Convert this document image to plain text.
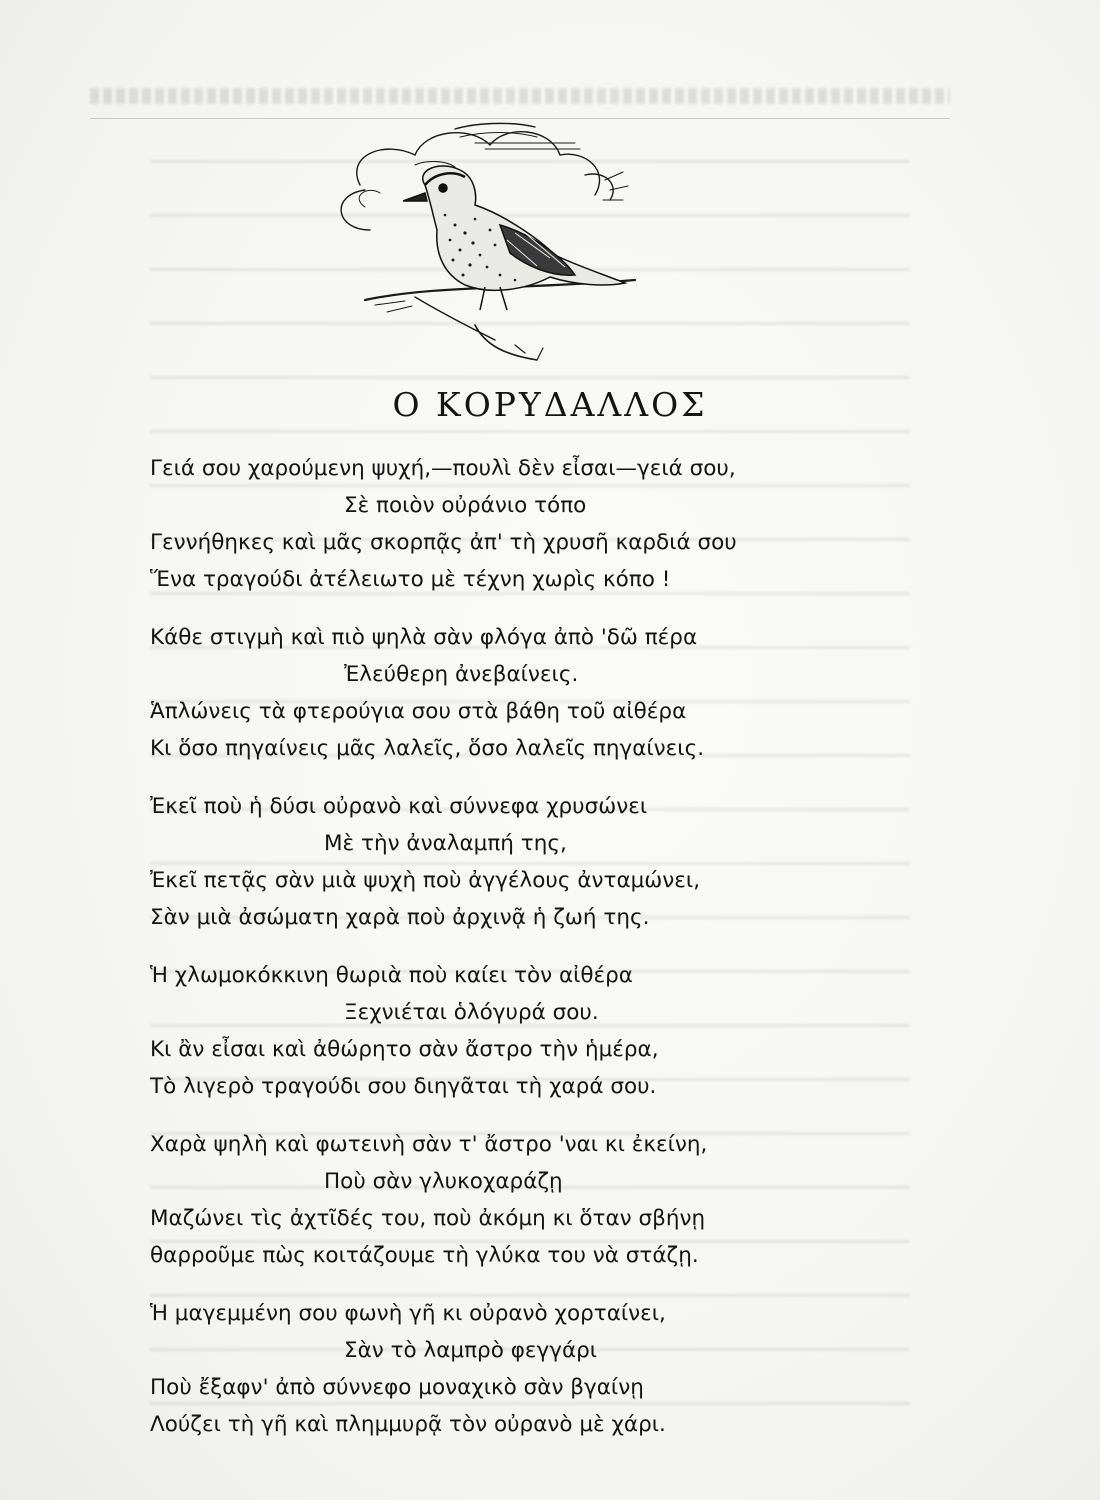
Ο ΚΟΡΥΔΑΛΛΟΣ
Γειά σου χαρούμενη ψυχή,—πουλὶ δὲν εἶσαι—γειά σου,
Σὲ ποιὸν οὐράνιο τόπο
Γεννήθηκες καὶ μᾶς σκορπᾷς ἀπ' τὴ χρυσῆ καρδιά σου
Ἕνα τραγούδι ἀτέλειωτο μὲ τέχνη χωρὶς κόπο !
Κάθε στιγμὴ καὶ πιὸ ψηλὰ σὰν φλόγα ἀπὸ 'δῶ πέρα
Ἐλεύθερη ἀνεβαίνεις.
Ἁπλώνεις τὰ φτερούγια σου στὰ βάθη τοῦ αἰθέρα
Κι ὅσο πηγαίνεις μᾶς λαλεῖς, ὅσο λαλεῖς πηγαίνεις.
Ἐκεῖ ποὺ ἡ δύσι οὐρανὸ καὶ σύννεφα χρυσώνει
Μὲ τὴν ἀναλαμπή της,
Ἐκεῖ πετᾷς σὰν μιὰ ψυχὴ ποὺ ἀγγέλους ἀνταμώνει,
Σὰν μιὰ ἀσώματη χαρὰ ποὺ ἀρχινᾷ ἡ ζωή της.
Ἡ χλωμοκόκκινη θωριὰ ποὺ καίει τὸν αἰθέρα
Ξεχνιέται ὁλόγυρά σου.
Κι ἂν εἶσαι καὶ ἀθώρητο σὰν ἄστρο τὴν ἡμέρα,
Τὸ λιγερὸ τραγούδι σου διηγᾶται τὴ χαρά σου.
Χαρὰ ψηλὴ καὶ φωτεινὴ σὰν τ' ἄστρο 'ναι κι ἐκείνη,
Ποὺ σὰν γλυκοχαράζῃ
Μαζώνει τὶς ἀχτῖδές του, ποὺ ἀκόμη κι ὅταν σβήνῃ
θαρροῦμε πὼς κοιτάζουμε τὴ γλύκα του νὰ στάζῃ.
Ἡ μαγεμμένη σου φωνὴ γῆ κι οὐρανὸ χορταίνει,
Σὰν τὸ λαμπρὸ φεγγάρι
Ποὺ ἔξαφν' ἀπὸ σύννεφο μοναχικὸ σὰν βγαίνῃ
Λούζει τὴ γῆ καὶ πλημμυρᾷ τὸν οὐρανὸ μὲ χάρι.
